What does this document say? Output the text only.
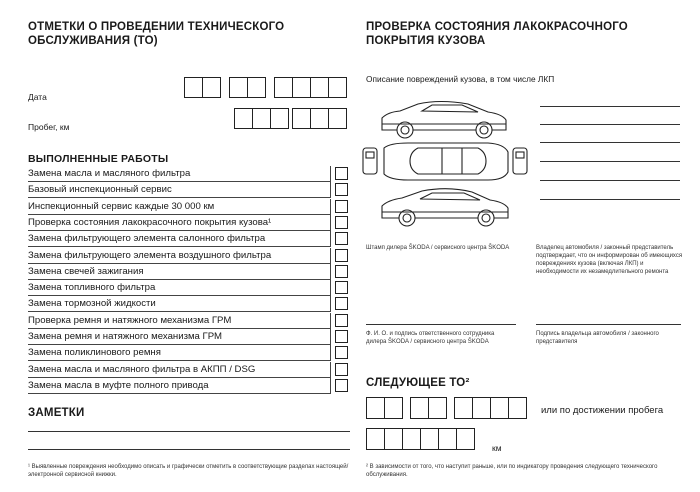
ОТМЕТКИ О ПРОВЕДЕНИИ ТЕХНИЧЕСКОГО ОБСЛУЖИВАНИЯ (ТО)
Дата
Пробег, км
ВЫПОЛНЕННЫЕ РАБОТЫ
Замена масла и масляного фильтра
Базовый инспекционный сервис
Инспекционный сервис каждые 30 000 км
Проверка состояния лакокрасочного покрытия кузова¹
Замена фильтрующего элемента салонного фильтра
Замена фильтрующего элемента воздушного фильтра
Замена свечей зажигания
Замена топливного фильтра
Замена тормозной жидкости
Проверка ремня и натяжного механизма ГРМ
Замена ремня и натяжного механизма ГРМ
Замена поликлинового ремня
Замена масла и масляного фильтра в АКПП / DSG
Замена масла в муфте полного привода
ЗАМЕТКИ
¹ Выявленные повреждения необходимо описать и графически отметить в соответствующие разделах настоящей/электронной сервисной книжки.
ПРОВЕРКА СОСТОЯНИЯ ЛАКОКРАСОЧНОГО ПОКРЫТИЯ КУЗОВА
Описание повреждений кузова, в том числе ЛКП
Штамп дилера ŠKODA / сервисного центра ŠKODA	Владелец автомобиля / законный представитель подтверждает, что он информирован об имеющихся повреждениях кузова (включая ЛКП) и необходимости их незамедлительного ремонта
Ф. И. О. и подпись ответственного сотрудника дилера ŠKODA / сервисного центра ŠKODA
Подпись владельца автомобиля / законного представителя
СЛЕДУЮЩЕЕ ТО²
или по достижении пробега
км
² В зависимости от того, что наступит раньше, или по индикатору проведения следующего технического обслуживания.
